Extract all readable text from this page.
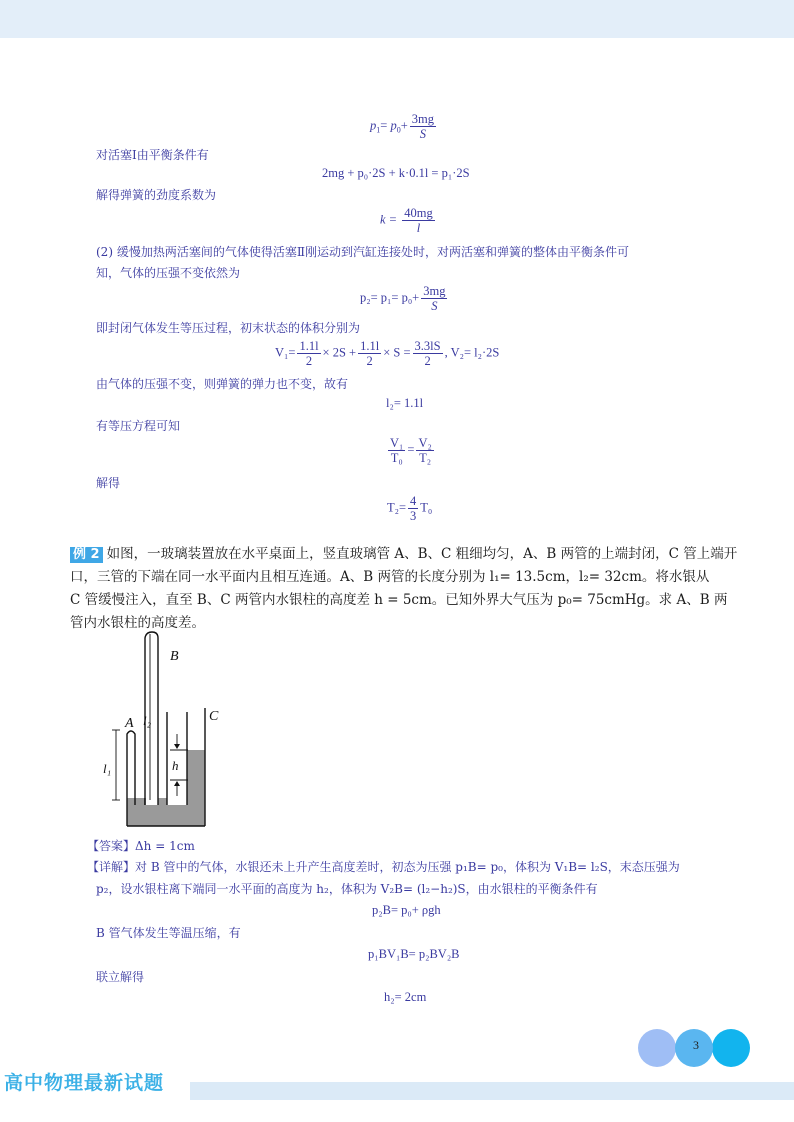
$p_1= p_0+ \frac{3mg}{S}$
对活塞Ⅰ由平衡条件有
2mg + p₀·2S + k·0.1l = p₁·2S
解得弹簧的劲度系数为
$k = \frac{40mg}{l}$
(2) 缓慢加热两活塞间的气体使得活塞Ⅱ刚运动到汽缸连接处时，对两活塞和弹簧的整体由平衡条件可
知，气体的压强不变依然为
$p_2= p_1= p_0+ \frac{3mg}{S}$
即封闭气体发生等压过程，初末状态的体积分别为
$V_1= \frac{1.1l}{2} \times 2S + \frac{1.1l}{2} \times S = \frac{3.3lS}{2}$ , V₂= l₂·2S
由气体的压强不变，则弹簧的弹力也不变，故有
l₂= 1.1l
有等压方程可知
$\frac{\text{V₁}}{\text{T₀}} = \frac{\text{V₂}}{\text{T₂}}$
解得
$T_2= \frac{4}{3} T_0$
例 2 如图，一玻璃装置放在水平桌面上，竖直玻璃管 A、B、C 粗细均匀，A、B 两管的上端封闭，C 管上端开
口，三管的下端在同一水平面内且相互连通。A、B 两管的长度分别为 l₁= 13.5cm，l₂= 32cm。将水银从
C 管缓慢注入，直至 B、C 两管内水银柱的高度差 h = 5cm。已知外界大气压为 p₀= 75cmHg。求 A、B 两
管内水银柱的高度差。
A
B
C
h
l₁
l₂
【答案】Δh = 1cm
【详解】对 B 管中的气体，水银还未上升产生高度差时，初态为压强 p₁B= p₀，体积为 V₁B= l₂S，末态压强为
p₂，设水银柱离下端同一水平面的高度为 h₂，体积为 V₂B= (l₂−h₂)S，由水银柱的平衡条件有
p₂B= p₀+ ρgh
B 管气体发生等温压缩，有
p₁BV₁B= p₂BV₂B
联立解得
h₂= 2cm
3
高中物理最新试题
